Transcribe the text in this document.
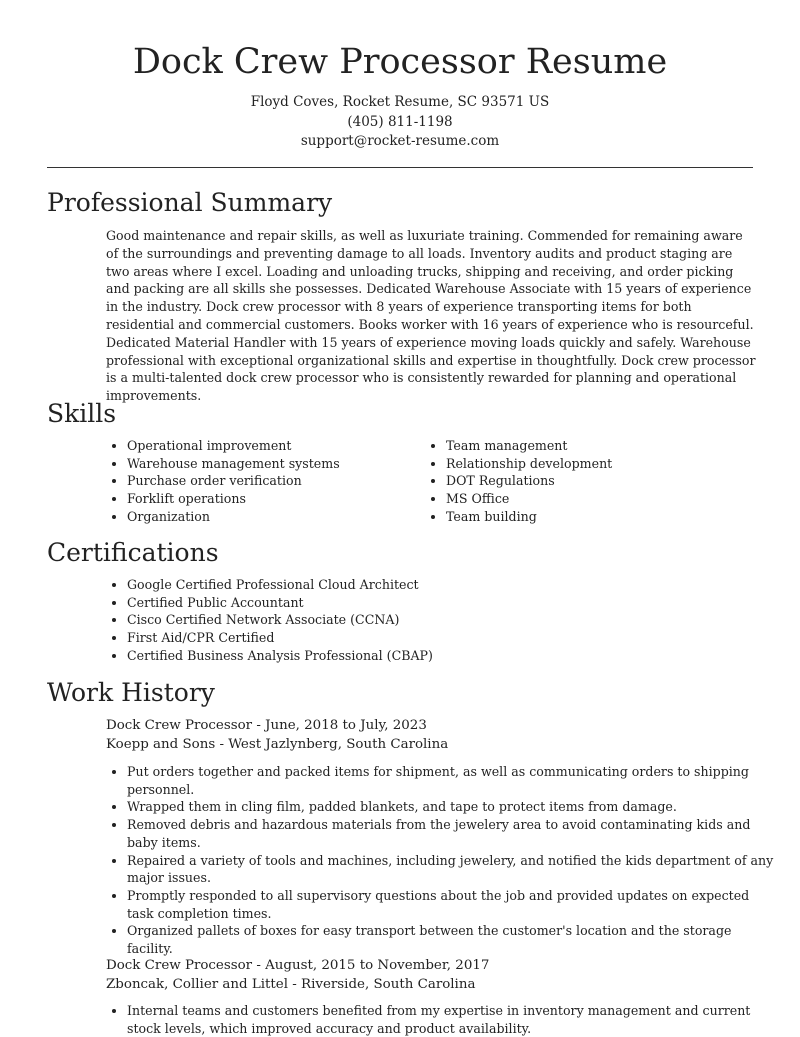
Dock Crew Processor Resume
Floyd Coves, Rocket Resume, SC 93571 US
(405) 811-1198
support@rocket-resume.com
Professional Summary
Good maintenance and repair skills, as well as luxuriate training. Commended for remaining aware of the surroundings and preventing damage to all loads. Inventory audits and product staging are two areas where I excel. Loading and unloading trucks, shipping and receiving, and order picking and packing are all skills she possesses. Dedicated Warehouse Associate with 15 years of experience in the industry. Dock crew processor with 8 years of experience transporting items for both residential and commercial customers. Books worker with 16 years of experience who is resourceful. Dedicated Material Handler with 15 years of experience moving loads quickly and safely. Warehouse professional with exceptional organizational skills and expertise in thoughtfully. Dock crew processor is a multi-talented dock crew processor who is consistently rewarded for planning and operational improvements.
Skills
• Operational improvement
• Warehouse management systems
• Purchase order verification
• Forklift operations
• Organization
• Team management
• Relationship development
• DOT Regulations
• MS Office
• Team building
Certifications
• Google Certified Professional Cloud Architect
• Certified Public Accountant
• Cisco Certified Network Associate (CCNA)
• First Aid/CPR Certified
• Certified Business Analysis Professional (CBAP)
Work History
Dock Crew Processor - June, 2018 to July, 2023
Koepp and Sons - West Jazlynberg, South Carolina
• Put orders together and packed items for shipment, as well as communicating orders to shipping personnel.
• Wrapped them in cling film, padded blankets, and tape to protect items from damage.
• Removed debris and hazardous materials from the jewelery area to avoid contaminating kids and baby items.
• Repaired a variety of tools and machines, including jewelery, and notified the kids department of any major issues.
• Promptly responded to all supervisory questions about the job and provided updates on expected task completion times.
• Organized pallets of boxes for easy transport between the customer's location and the storage facility.
Dock Crew Processor - August, 2015 to November, 2017
Zboncak, Collier and Littel - Riverside, South Carolina
• Internal teams and customers benefited from my expertise in inventory management and current stock levels, which improved accuracy and product availability.
